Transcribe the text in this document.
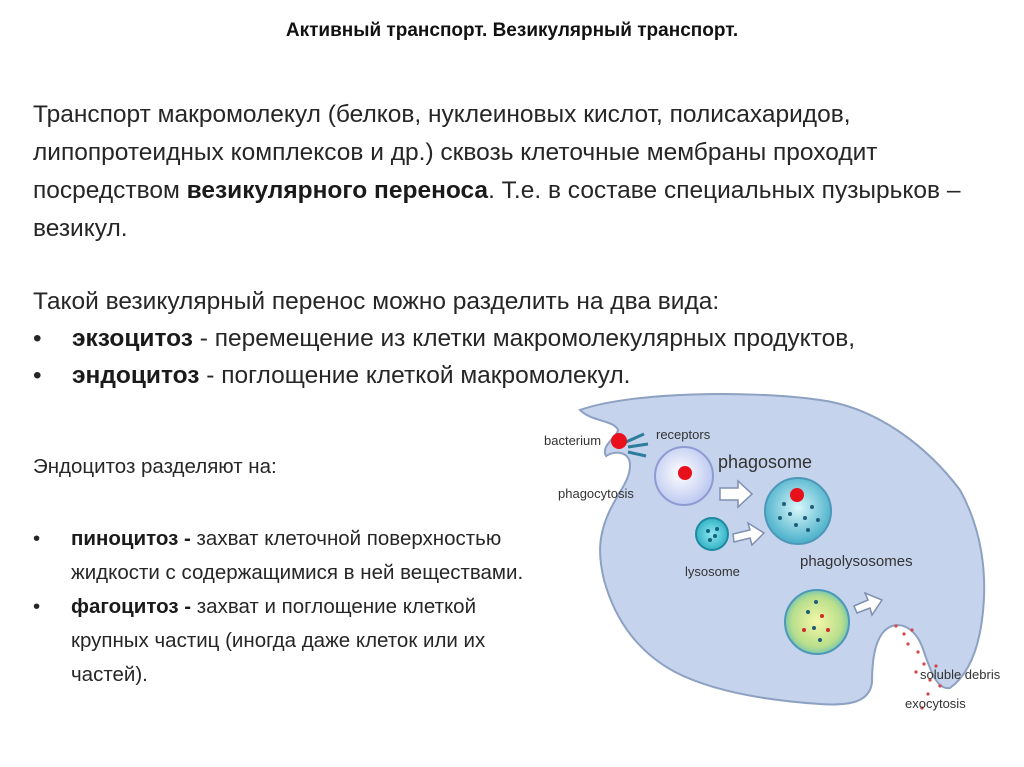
Активный транспорт. Везикулярный транспорт.

Транспорт макромолекул (белков, нуклеиновых кислот, полисахаридов, липопротеидных комплексов и др.) сквозь клеточные мембраны проходит посредством везикулярного переноса. Т.е. в составе специальных пузырьков – везикул.

Такой везикулярный перенос можно разделить на два вида:
• экзоцитоз - перемещение из клетки макромолекулярных продуктов,
• эндоцитоз - поглощение клеткой макромолекул.

Эндоцитоз разделяют на:

• пиноцитоз - захват клеточной поверхностью жидкости с содержащимися в ней веществами.
• фагоцитоз - захват и поглощение клеткой крупных частиц (иногда даже клеток или их частей).
bacterium	receptors
phagosome
phagocytosis
lysosome
phagolysosomes
soluble debris
exocytosis
